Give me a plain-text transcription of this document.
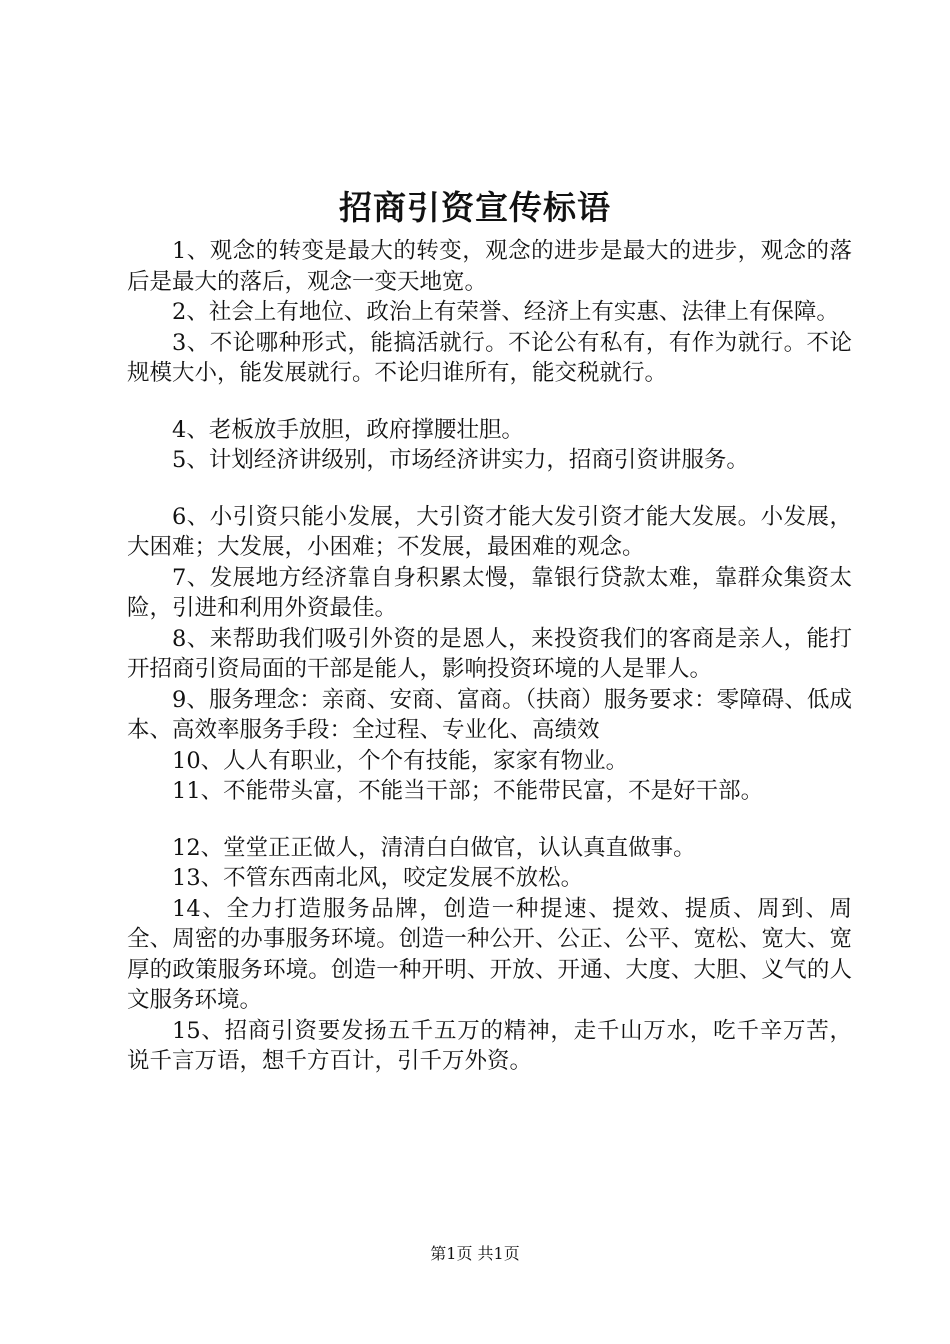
招商引资宣传标语

1、观念的转变是最大的转变，观念的进步是最大的进步，观念的落后是最大的落后，观念一变天地宽。

2、社会上有地位、政治上有荣誉、经济上有实惠、法律上有保障。

3、不论哪种形式，能搞活就行。不论公有私有，有作为就行。不论规模大小，能发展就行。不论归谁所有，能交税就行。

4、老板放手放胆，政府撑腰壮胆。

5、计划经济讲级别，市场经济讲实力，招商引资讲服务。

6、小引资只能小发展，大引资才能大发引资才能大发展。小发展，大困难；大发展，小困难；不发展，最困难的观念。

7、发展地方经济靠自身积累太慢，靠银行贷款太难，靠群众集资太险，引进和利用外资最佳。

8、来帮助我们吸引外资的是恩人，来投资我们的客商是亲人，能打开招商引资局面的干部是能人，影响投资环境的人是罪人。

9、服务理念：亲商、安商、富商。（扶商）服务要求：零障碍、低成本、高效率服务手段：全过程、专业化、高绩效

10、人人有职业，个个有技能，家家有物业。

11、不能带头富，不能当干部；不能带民富，不是好干部。

12、堂堂正正做人，清清白白做官，认认真直做事。

13、不管东西南北风，咬定发展不放松。

14、全力打造服务品牌，创造一种提速、提效、提质、周到、周全、周密的办事服务环境。创造一种公开、公正、公平、宽松、宽大、宽厚的政策服务环境。创造一种开明、开放、开通、大度、大胆、义气的人文服务环境。

15、招商引资要发扬五千五万的精神，走千山万水，吃千辛万苦，说千言万语，想千方百计，引千万外资。

第1页 共1页
